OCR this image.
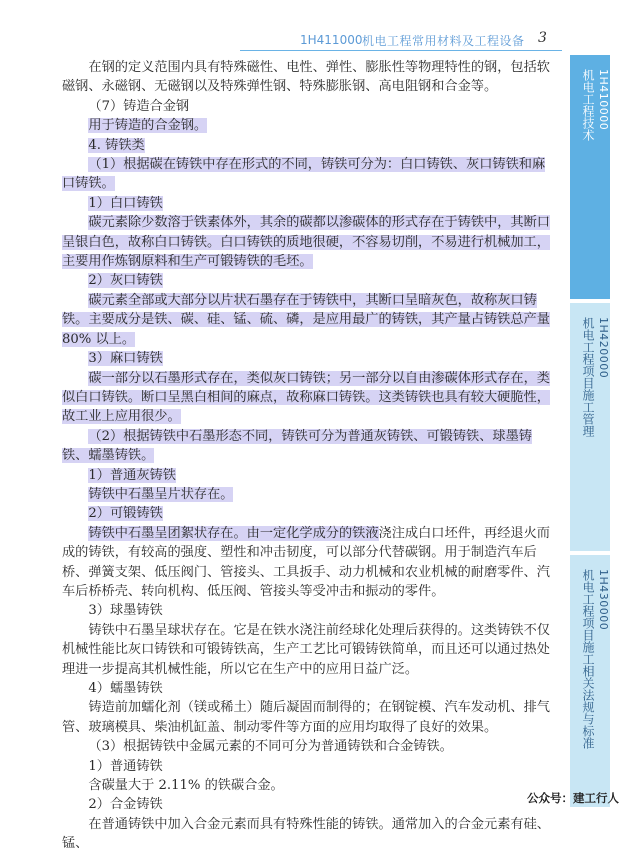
1H411000 机电工程常用材料及工程设备 3

在钢的定义范围内具有特殊磁性、电性、弹性、膨胀性等物理特性的钢，包括软磁钢、永磁钢、无磁钢以及特殊弹性钢、特殊膨胀钢、高电阻钢和合金等。

（7）铸造合金钢

用于铸造的合金钢。

4. 铸铁类

（1）根据碳在铸铁中存在形式的不同，铸铁可分为：白口铸铁、灰口铸铁和麻口铸铁。

1）白口铸铁

碳元素除少数溶于铁素体外，其余的碳都以渗碳体的形式存在于铸铁中，其断口呈银白色，故称白口铸铁。白口铸铁的质地很硬，不容易切削，不易进行机械加工，主要用作炼钢原料和生产可锻铸铁的毛坯。

2）灰口铸铁

碳元素全部或大部分以片状石墨存在于铸铁中，其断口呈暗灰色，故称灰口铸铁。主要成分是铁、碳、硅、锰、硫、磷，是应用最广的铸铁，其产量占铸铁总产量 80% 以上。

3）麻口铸铁

碳一部分以石墨形式存在，类似灰口铸铁；另一部分以自由渗碳体形式存在，类似白口铸铁。断口呈黑白相间的麻点，故称麻口铸铁。这类铸铁也具有较大硬脆性，故工业上应用很少。

（2）根据铸铁中石墨形态不同，铸铁可分为普通灰铸铁、可锻铸铁、球墨铸铁、蠕墨铸铁。

1）普通灰铸铁

铸铁中石墨呈片状存在。

2）可锻铸铁

铸铁中石墨呈团絮状存在。由一定化学成分的铁液浇注成白口坯件，再经退火而成的铸铁，有较高的强度、塑性和冲击韧度，可以部分代替碳钢。用于制造汽车后桥、弹簧支架、低压阀门、管接头、工具扳手、动力机械和农业机械的耐磨零件、汽车后桥桥壳、转向机构、低压阀、管接头等受冲击和振动的零件。

3）球墨铸铁

铸铁中石墨呈球状存在。它是在铁水浇注前经球化处理后获得的。这类铸铁不仅机械性能比灰口铸铁和可锻铸铁高，生产工艺比可锻铸铁简单，而且还可以通过热处理进一步提高其机械性能，所以它在生产中的应用日益广泛。

4）蠕墨铸铁

铸造前加蠕化剂（镁或稀土）随后凝固而制得的；在钢锭模、汽车发动机、排气管、玻璃模具、柴油机缸盖、制动零件等方面的应用均取得了良好的效果。

（3）根据铸铁中金属元素的不同可分为普通铸铁和合金铸铁。

1）普通铸铁

含碳量大于 2.11% 的铁碳合金。

2）合金铸铁

在普通铸铁中加入合金元素而具有特殊性能的铸铁。通常加入的合金元素有硅、锰、

1H410000
机电工程技术
1H420000
机电工程项目施工管理
1H430000
机电工程项目施工相关法规与标准
公众号：建工行人
